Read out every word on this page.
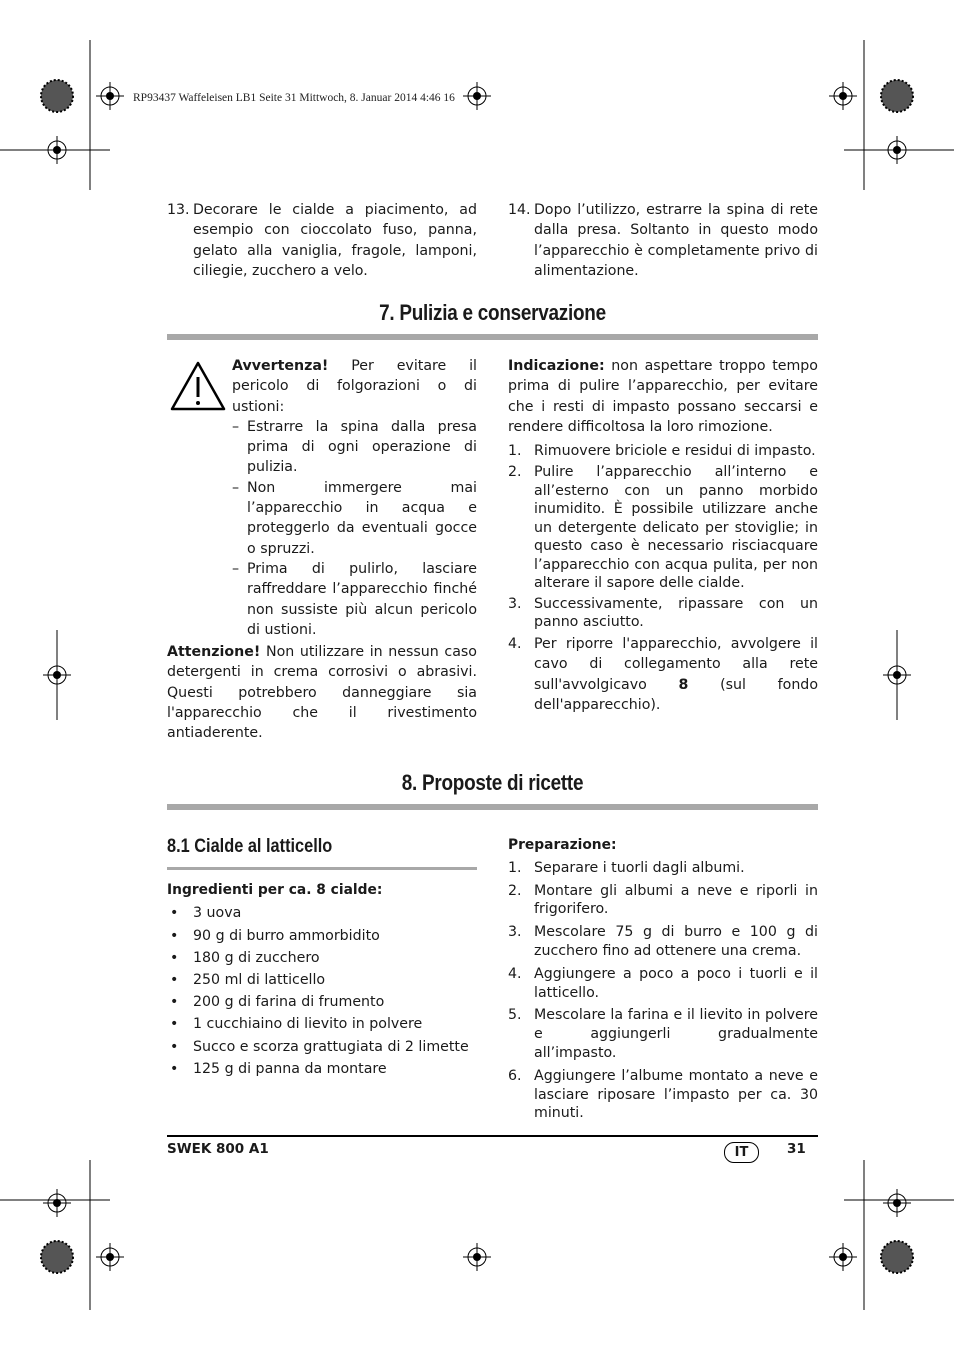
RP93437 Waffeleisen LB1 Seite 31 Mittwoch, 8. Januar 2014 4:46 16
13. Decorare le cialde a piacimento, ad esempio con cioccolato fuso, panna, gelato alla vaniglia, fragole, lamponi, ciliegie, zucchero a velo.
14. Dopo l’utilizzo, estrarre la spina di rete dalla presa. Soltanto in questo modo l’apparecchio è completamente privo di alimentazione.
7. Pulizia e conservazione
Avvertenza! Per evitare il pericolo di folgorazioni o di ustioni:
– Estrarre la spina dalla presa prima di ogni operazione di pulizia.
– Non immergere mai l’apparecchio in acqua e proteggerlo da eventuali gocce o spruzzi.
– Prima di pulirlo, lasciare raffreddare l’apparecchio finché non sussiste più alcun pericolo di ustioni.
Attenzione! Non utilizzare in nessun caso detergenti in crema corrosivi o abrasivi. Questi potrebbero danneggiare sia l'apparecchio che il rivestimento antiaderente.
Indicazione: non aspettare troppo tempo prima di pulire l’apparecchio, per evitare che i resti di impasto possano seccarsi e rendere difficoltosa la loro rimozione.
1. Rimuovere briciole e residui di impasto.
2. Pulire l’apparecchio all’interno e all’esterno con un panno morbido inumidito. È possibile utilizzare anche un detergente delicato per stoviglie; in questo caso è necessario risciacquare l’apparecchio con acqua pulita, per non alterare il sapore delle cialde.
3. Successivamente, ripassare con un panno asciutto.
4. Per riporre l'apparecchio, avvolgere il cavo di collegamento alla rete sull'avvolgicavo 8 (sul fondo dell'apparecchio).
8. Proposte di ricette
8.1 Cialde al latticello
Ingredienti per ca. 8 cialde:
• 3 uova
• 90 g di burro ammorbidito
• 180 g di zucchero
• 250 ml di latticello
• 200 g di farina di frumento
• 1 cucchiaino di lievito in polvere
• Succo e scorza grattugiata di 2 limette
• 125 g di panna da montare
Preparazione:
1. Separare i tuorli dagli albumi.
2. Montare gli albumi a neve e riporli in frigorifero.
3. Mescolare 75 g di burro e 100 g di zucchero fino ad ottenere una crema.
4. Aggiungere a poco a poco i tuorli e il latticello.
5. Mescolare la farina e il lievito in polvere e aggiungerli gradualmente all’impasto.
6. Aggiungere l’albume montato a neve e lasciare riposare l’impasto per ca. 30 minuti.
SWEK 800 A1	IT	31
